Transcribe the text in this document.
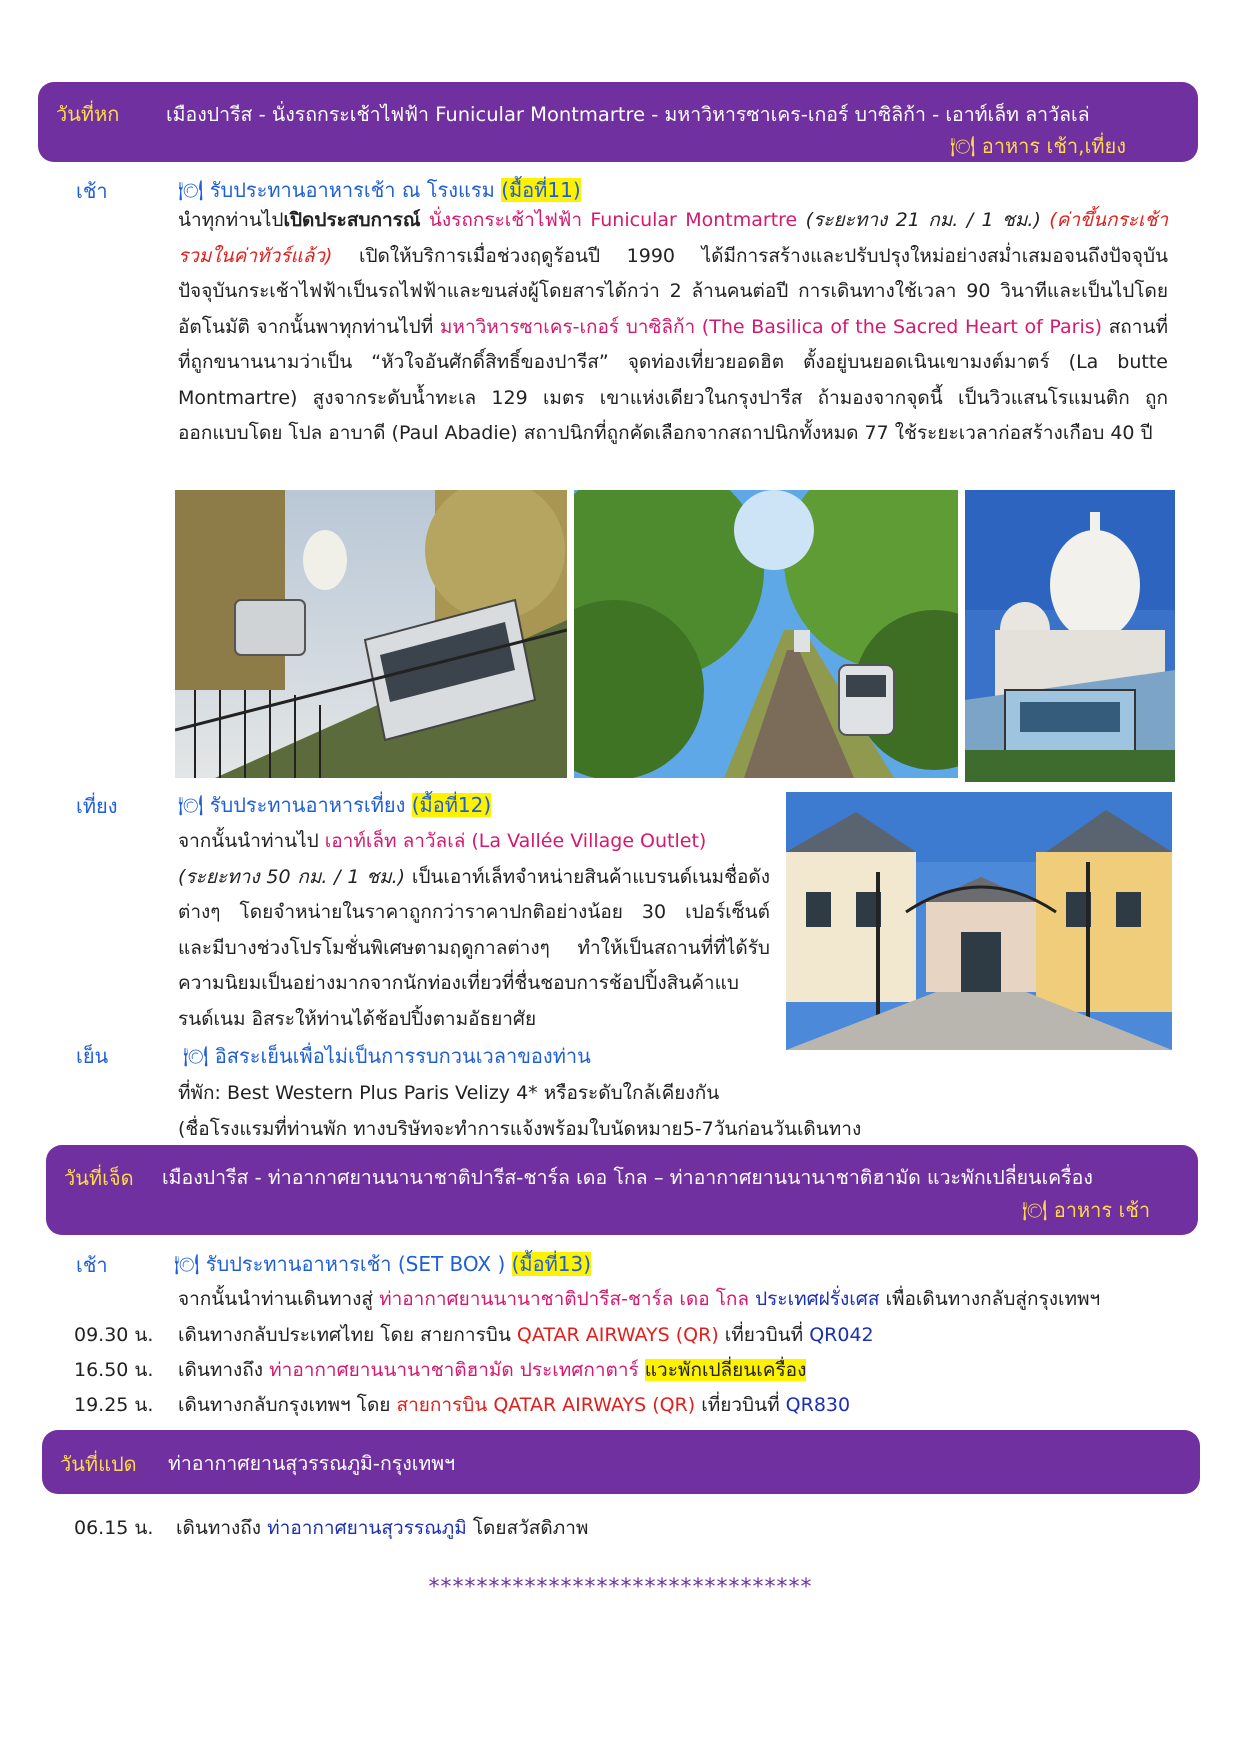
วันที่หก เมืองปารีส - นั่งรถกระเช้าไฟฟ้า Funicular Montmartre - มหาวิหารซาเคร-เกอร์ บาซิลิก้า - เอาท์เล็ท ลาวัลเล่
🍽 อาหาร เช้า,เที่ยง
เช้า	🍽 รับประทานอาหารเช้า ณ โรงแรม (มื้อที่11)
นำทุกท่านไปเปิดประสบการณ์ นั่งรถกระเช้าไฟฟ้า Funicular Montmartre (ระยะทาง 21 กม. / 1 ชม.) (ค่าขึ้นกระเช้ารวมในค่าทัวร์แล้ว) เปิดให้บริการเมื่อช่วงฤดูร้อนปี 1990 ได้มีการสร้างและปรับปรุงใหม่อย่างสม่ำเสมอจนถึงปัจจุบัน ปัจจุบันกระเช้าไฟฟ้าเป็นรถไฟฟ้าและขนส่งผู้โดยสารได้กว่า 2 ล้านคนต่อปี การเดินทางใช้เวลา 90 วินาทีและเป็นไปโดยอัตโนมัติ จากนั้นพาทุกท่านไปที่ มหาวิหารซาเคร-เกอร์ บาซิลิก้า (The Basilica of the Sacred Heart of Paris) สถานที่ที่ถูกขนานนามว่าเป็น “หัวใจอันศักดิ์สิทธิ์ของปารีส” จุดท่องเที่ยวยอดฮิต ตั้งอยู่บนยอดเนินเขามงต์มาตร์ (La butte Montmartre) สูงจากระดับน้ำทะเล 129 เมตร เขาแห่งเดียวในกรุงปารีส ถ้ามองจากจุดนี้ เป็นวิวแสนโรแมนติก ถูกออกแบบโดย โปล อาบาดี (Paul Abadie) สถาปนิกที่ถูกคัดเลือกจากสถาปนิกทั้งหมด 77 ใช้ระยะเวลาก่อสร้างเกือบ 40 ปี
เที่ยง	🍽 รับประทานอาหารเที่ยง (มื้อที่12)
จากนั้นนำท่านไป เอาท์เล็ท ลาวัลเล่ (La Vallée Village Outlet)
(ระยะทาง 50 กม. / 1 ชม.) เป็นเอาท์เล็ทจำหน่ายสินค้าแบรนด์เนมชื่อดังต่างๆ โดยจำหน่ายในราคาถูกกว่าราคาปกติอย่างน้อย 30 เปอร์เซ็นต์ และมีบางช่วงโปรโมชั่นพิเศษตามฤดูกาลต่างๆ ทำให้เป็นสถานที่ที่ได้รับความนิยมเป็นอย่างมากจากนักท่องเที่ยวที่ชื่นชอบการช้อปปิ้งสินค้าแบรนด์เนม อิสระให้ท่านได้ช้อปปิ้งตามอัธยาศัย
เย็น	🍽 อิสระเย็นเพื่อไม่เป็นการรบกวนเวลาของท่าน
ที่พัก: Best Western Plus Paris Velizy 4* หรือระดับใกล้เคียงกัน
(ชื่อโรงแรมที่ท่านพัก ทางบริษัทจะทำการแจ้งพร้อมใบนัดหมาย5-7วันก่อนวันเดินทาง
วันที่เจ็ด เมืองปารีส - ท่าอากาศยานนานาชาติปารีส-ชาร์ล เดอ โกล – ท่าอากาศยานนานาชาติฮามัด แวะพักเปลี่ยนเครื่อง
🍽 อาหาร เช้า
เช้า	🍽 รับประทานอาหารเช้า (SET BOX ) (มื้อที่13)
จากนั้นนำท่านเดินทางสู่ ท่าอากาศยานนานาชาติปารีส-ชาร์ล เดอ โกล ประเทศฝรั่งเศส เพื่อเดินทางกลับสู่กรุงเทพฯ
09.30 น. เดินทางกลับประเทศไทย โดย สายการบิน QATAR AIRWAYS (QR) เที่ยวบินที่ QR042
16.50 น. เดินทางถึง ท่าอากาศยานนานาชาติฮามัด ประเทศกาตาร์ แวะพักเปลี่ยนเครื่อง
19.25 น. เดินทางกลับกรุงเทพฯ โดย สายการบิน QATAR AIRWAYS (QR) เที่ยวบินที่ QR830
วันที่แปด ท่าอากาศยานสุวรรณภูมิ-กรุงเทพฯ
06.15 น. เดินทางถึง ท่าอากาศยานสุวรรณภูมิ โดยสวัสดิภาพ
********************************
